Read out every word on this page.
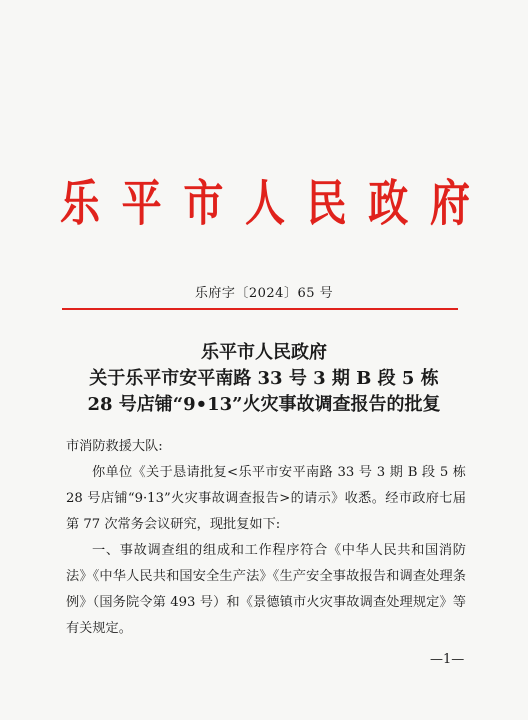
乐 平 市 人 民 政 府
乐府字〔2024〕65 号
乐平市人民政府
关于乐平市安平南路 33 号 3 期 B 段 5 栋
28 号店铺“9•13”火灾事故调查报告的批复

市消防救援大队:

你单位《关于恳请批复<乐平市安平南路 33 号 3 期 B 段 5 栋 28 号店铺“9·13”火灾事故调查报告>的请示》收悉。经市政府七届第 77 次常务会议研究，现批复如下:

一、事故调查组的组成和工作程序符合《中华人民共和国消防法》《中华人民共和国安全生产法》《生产安全事故报告和调查处理条例》（国务院令第 493 号）和《景德镇市火灾事故调查处理规定》等有关规定。

—1—
